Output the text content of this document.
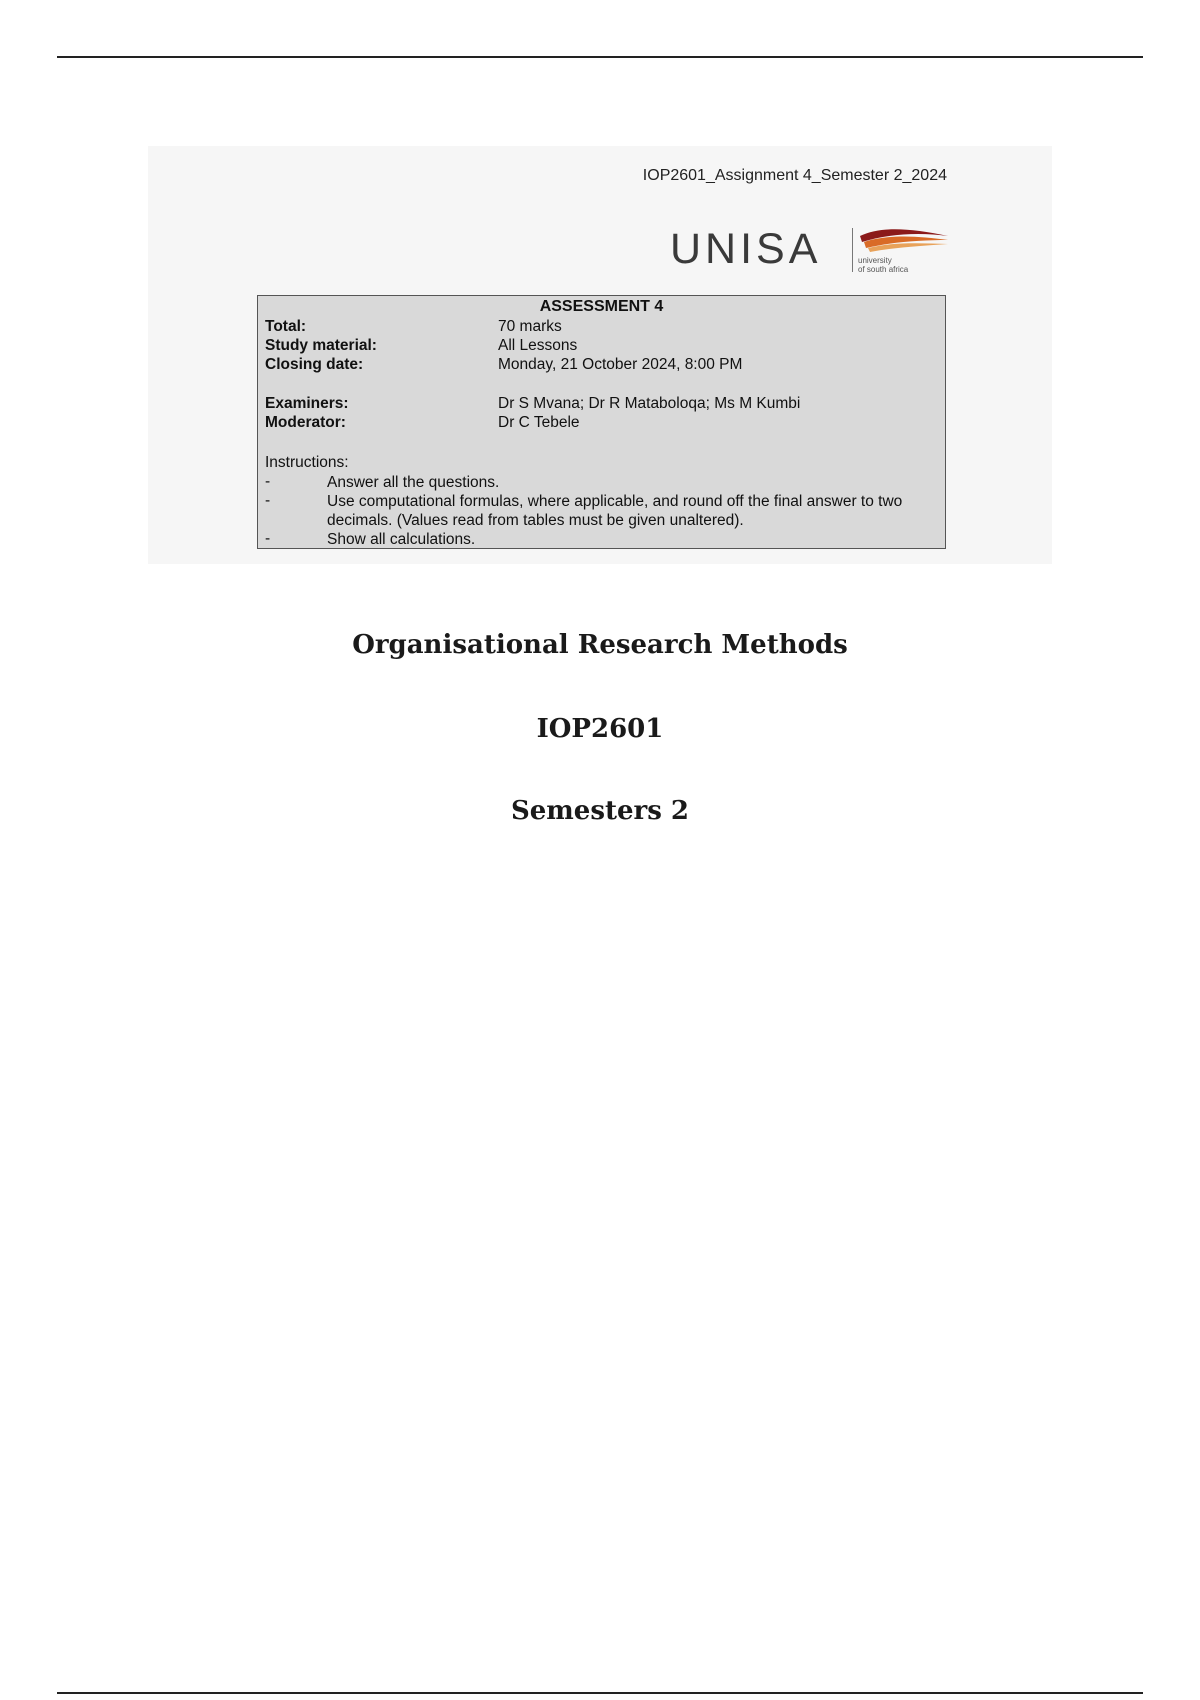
IOP2601_Assignment 4_Semester 2_2024
UNISA	university
of south africa
ASSESSMENT 4
Total:	70 marks
Study material:	All Lessons
Closing date:	Monday, 21 October 2024, 8:00 PM
Examiners:	Dr S Mvana; Dr R Mataboloqa; Ms M Kumbi
Moderator:	Dr C Tebele
Instructions:
-	Answer all the questions.
-	Use computational formulas, where applicable, and round off the final answer to two decimals. (Values read from tables must be given unaltered).
-	Show all calculations.
Organisational Research Methods
IOP2601
Semesters 2
